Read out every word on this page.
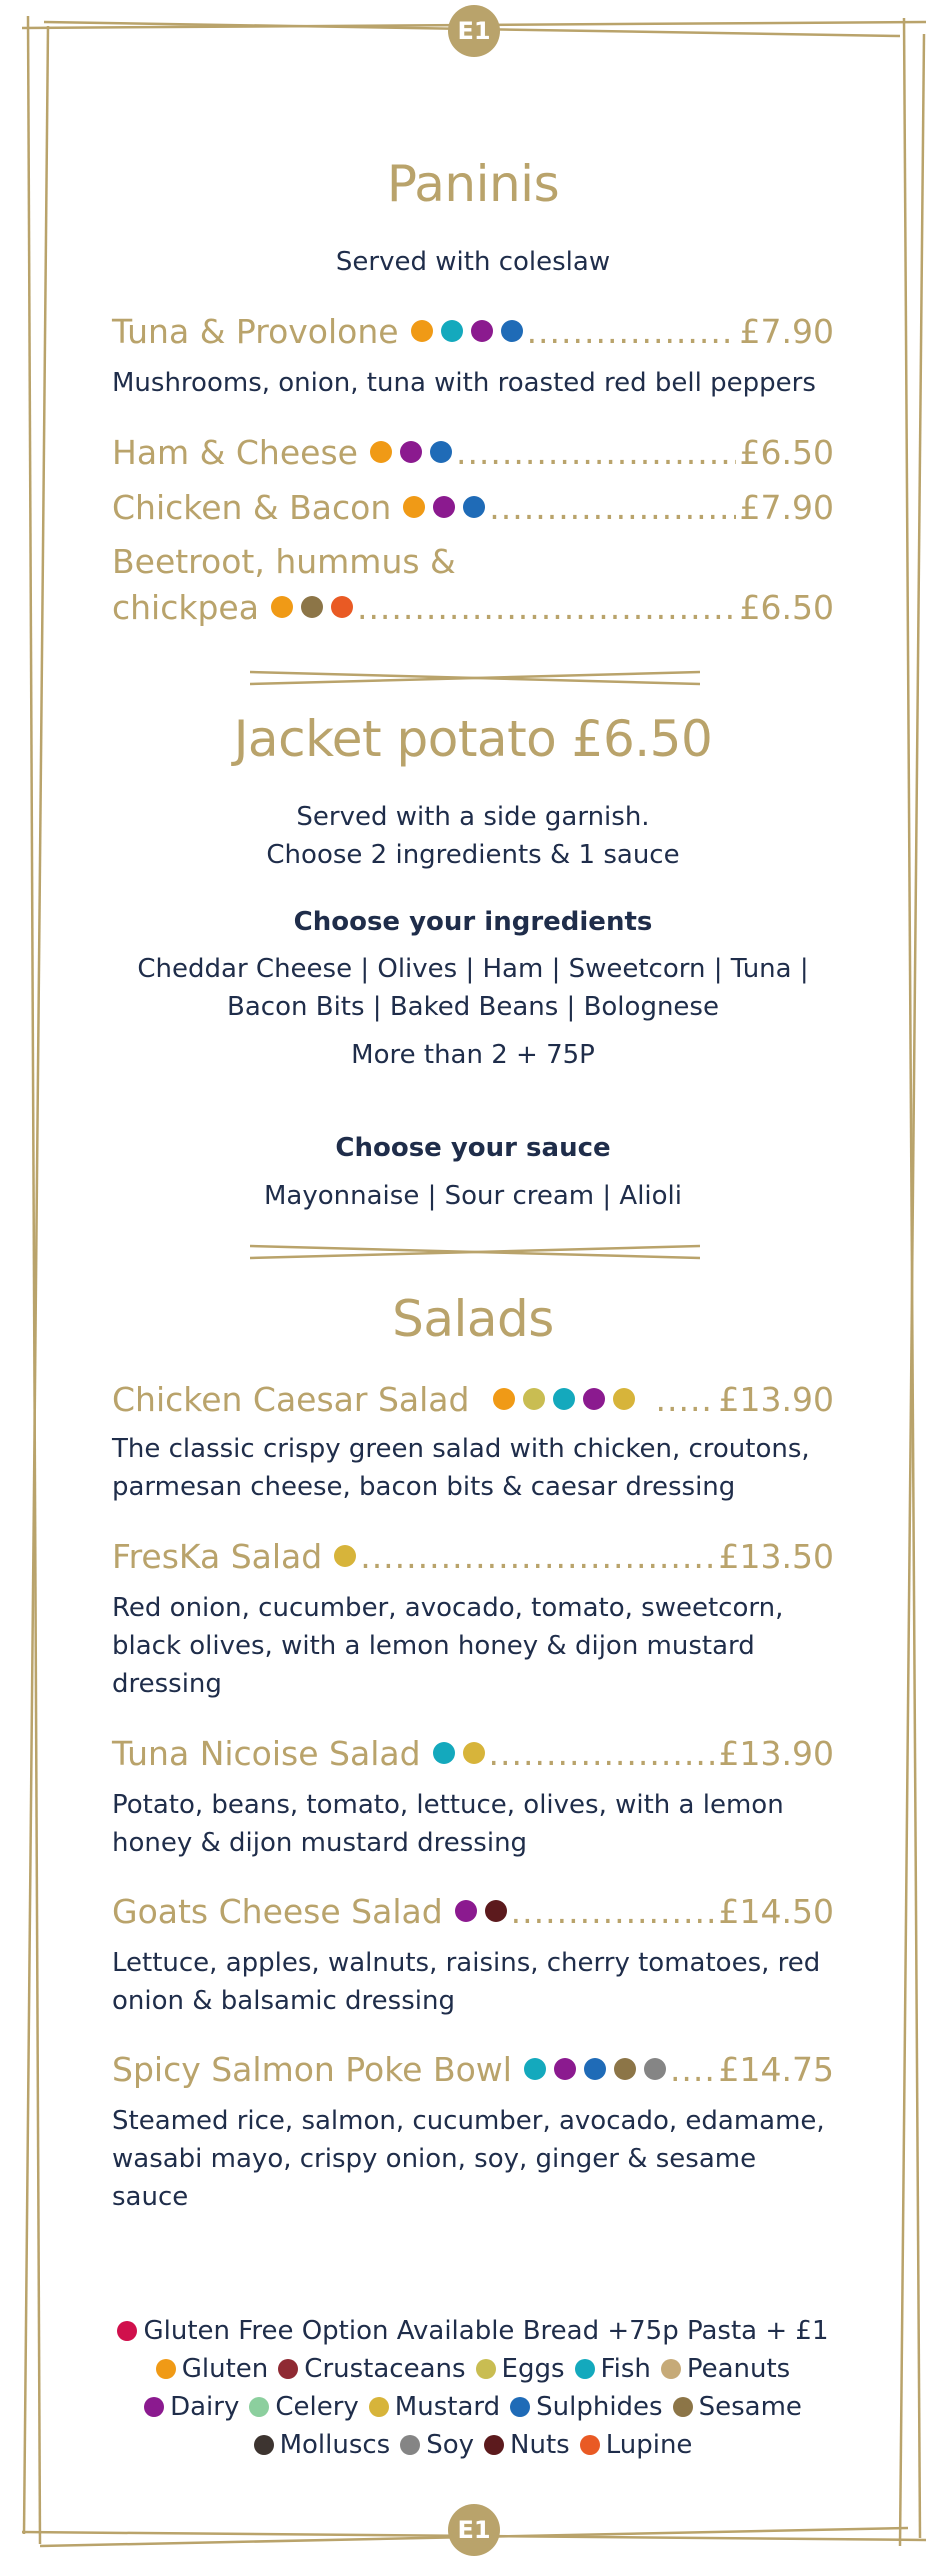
E1
E1
Paninis
Served with coleslaw
Tuna & Provolone .....	£7.90
Mushrooms, onion, tuna with roasted red bell peppers
Ham & Cheese .....	£6.50
Chicken & Bacon .....	£7.90
Beetroot, hummus &
chickpea .....	£6.50
Jacket potato £6.50
Served with a side garnish.
Choose 2 ingredients & 1 sauce
Choose your ingredients
Cheddar Cheese | Olives | Ham | Sweetcorn | Tuna |
Bacon Bits | Baked Beans | Bolognese
More than 2 + 75P
Choose your sauce
Mayonnaise | Sour cream | Alioli
Salads
Chicken Caesar Salad .....	£13.90
The classic crispy green salad with chicken, croutons,
parmesan cheese, bacon bits & caesar dressing
FresKa Salad .....	£13.50
Red onion, cucumber, avocado, tomato, sweetcorn,
black olives, with a lemon honey & dijon mustard
dressing
Tuna Nicoise Salad .....	£13.90
Potato, beans, tomato, lettuce, olives, with a lemon
honey & dijon mustard dressing
Goats Cheese Salad .....	£14.50
Lettuce, apples, walnuts, raisins, cherry tomatoes, red
onion & balsamic dressing
Spicy Salmon Poke Bowl .....	£14.75
Steamed rice, salmon, cucumber, avocado, edamame,
wasabi mayo, crispy onion, soy, ginger & sesame sauce
Gluten Free Option Available Bread +75p Pasta + £1
Gluten Crustaceans Eggs Fish Peanuts
Dairy Celery Mustard Sulphides Sesame
Molluscs Soy Nuts Lupine
